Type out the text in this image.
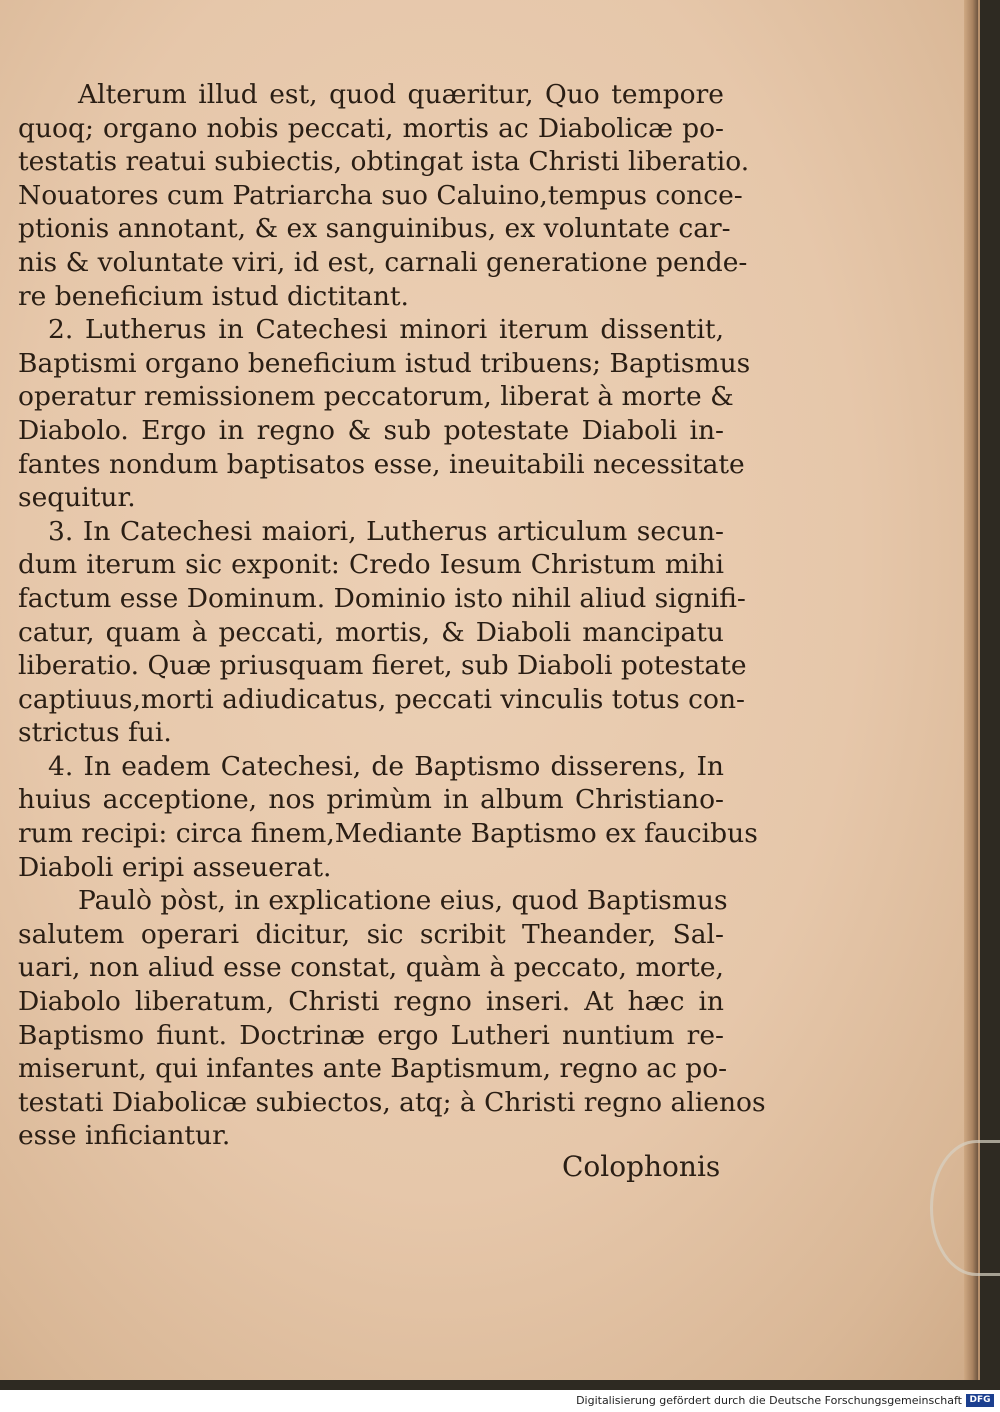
Alterum illud est, quod quæritur, Quo tempore
quoq; organo nobis peccati, mortis ac Diabolicæ po-
testatis reatui subiectis, obtingat ista Christi liberatio.
Nouatores cum Patriarcha suo Caluino,tempus conce-
ptionis annotant, & ex sanguinibus, ex voluntate car-
nis & voluntate viri, id est, carnali generatione pende-
re beneficium istud dictitant.
2. Lutherus in Catechesi minori iterum dissentit,
Baptismi organo beneficium istud tribuens; Baptismus
operatur remissionem peccatorum, liberat à morte &
Diabolo. Ergo in regno & sub potestate Diaboli in-
fantes nondum baptisatos esse, ineuitabili necessitate
sequitur.
3. In Catechesi maiori, Lutherus articulum secun-
dum iterum sic exponit: Credo Iesum Christum mihi
factum esse Dominum. Dominio isto nihil aliud signifi-
catur, quam à peccati, mortis, & Diaboli mancipatu
liberatio. Quæ priusquam fieret, sub Diaboli potestate
captiuus,morti adiudicatus, peccati vinculis totus con-
strictus fui.
4. In eadem Catechesi, de Baptismo disserens, In
huius acceptione, nos primùm in album Christiano-
rum recipi: circa finem,Mediante Baptismo ex faucibus
Diaboli eripi asseuerat.
Paulò pòst, in explicatione eius, quod Baptismus
salutem operari dicitur, sic scribit Theander, Sal-
uari, non aliud esse constat, quàm à peccato, morte,
Diabolo liberatum, Christi regno inseri. At hæc in
Baptismo fiunt. Doctrinæ ergo Lutheri nuntium re-
miserunt, qui infantes ante Baptismum, regno ac po-
testati Diabolicæ subiectos, atq; à Christi regno alienos
esse inficiantur.
Colophonis
Digitalisierung gefördert durch die Deutsche Forschungsgemeinschaft DFG
